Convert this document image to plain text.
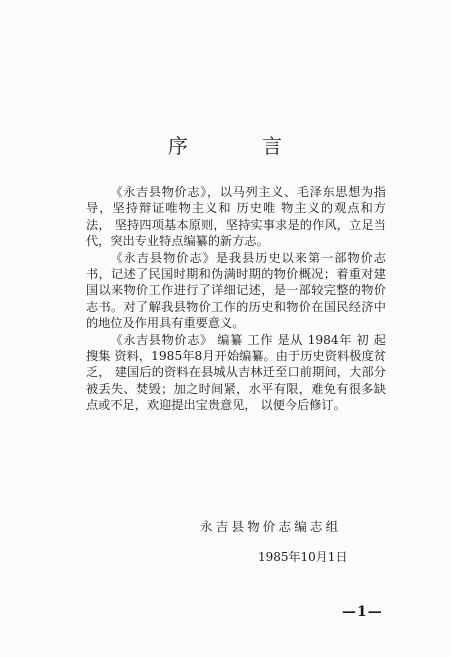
序 言

《永吉县物价志》，以马列主义、毛泽东思想为指导，坚持辩证唯物主义和 历史唯 物主义的观点和方法， 坚持四项基本原则，坚持实事求是的作风，立足当代，突出专业特点编纂的新方志。

《永吉县物价志》是我县历史以来第一部物价志书，记述了民国时期和伪满时期的物价概况；着重对建国以来物价工作进行了详细记述，是一部较完整的物价志书。对了解我县物价工作的历史和物价在国民经济中的地位及作用具有重要意义。

《永吉县物价志》 编纂 工作 是从 1984年 初 起 搜集 资料，1985年8月开始编纂。由于历史资料极度贫乏， 建国后的资料在县城从吉林迁至口前期间，大部分被丢失、焚毁；加之时间紧，水平有限，难免有很多缺点或不足，欢迎提出宝贵意见， 以便今后修订。

永吉县物价志编志组
1985年10月1日
—1—
